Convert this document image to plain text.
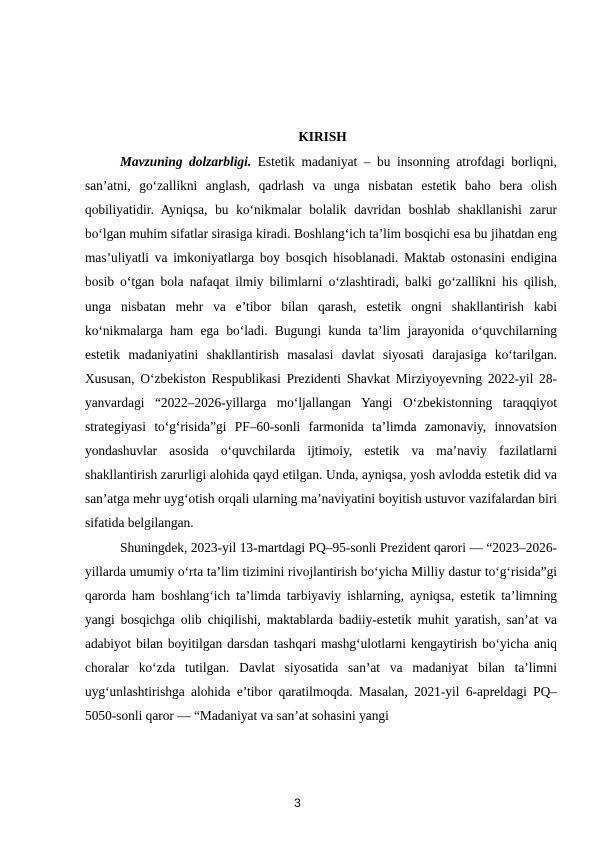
KIRISH

Mavzuning dolzarbligi. Estetik madaniyat – bu insonning atrofdagi borliqni, san’atni, go‘zallikni anglash, qadrlash va unga nisbatan estetik baho bera olish qobiliyatidir. Ayniqsa, bu ko‘nikmalar bolalik davridan boshlab shakllanishi zarur bo‘lgan muhim sifatlar sirasiga kiradi. Boshlang‘ich ta’lim bosqichi esa bu jihatdan eng mas’uliyatli va imkoniyatlarga boy bosqich hisoblanadi. Maktab ostonasini endigina bosib o‘tgan bola nafaqat ilmiy bilimlarni o‘zlashtiradi, balki go‘zallikni his qilish, unga nisbatan mehr va e’tibor bilan qarash, estetik ongni shakllantirish kabi ko‘nikmalarga ham ega bo‘ladi. Bugungi kunda ta’lim jarayonida o‘quvchilarning estetik madaniyatini shakllantirish masalasi davlat siyosati darajasiga ko‘tarilgan. Xususan, O‘zbekiston Respublikasi Prezidenti Shavkat Mirziyoyevning 2022-yil 28-yanvardagi “2022–2026-yillarga mo‘ljallangan Yangi O‘zbekistonning taraqqiyot strategiyasi to‘g‘risida”gi PF–60-sonli farmonida ta’limda zamonaviy, innovatsion yondashuvlar asosida o‘quvchilarda ijtimoiy, estetik va ma’naviy fazilatlarni shakllantirish zarurligi alohida qayd etilgan. Unda, ayniqsa, yosh avlodda estetik did va san’atga mehr uyg‘otish orqali ularning ma’naviyatini boyitish ustuvor vazifalardan biri sifatida belgilangan.

Shuningdek, 2023-yil 13-martdagi PQ–95-sonli Prezident qarori — “2023–2026-yillarda umumiy o‘rta ta’lim tizimini rivojlantirish bo‘yicha Milliy dastur to‘g‘risida”gi qarorda ham boshlang‘ich ta’limda tarbiyaviy ishlarning, ayniqsa, estetik ta’limning yangi bosqichga olib chiqilishi, maktablarda badiiy-estetik muhit yaratish, san’at va adabiyot bilan boyitilgan darsdan tashqari mashg‘ulotlarni kengaytirish bo‘yicha aniq choralar ko‘zda tutilgan. Davlat siyosatida san’at va madaniyat bilan ta’limni uyg‘unlashtirishga alohida e’tibor qaratilmoqda. Masalan, 2021-yil 6-apreldagi PQ–5050-sonli qaror — “Madaniyat va san’at sohasini yangi

3
